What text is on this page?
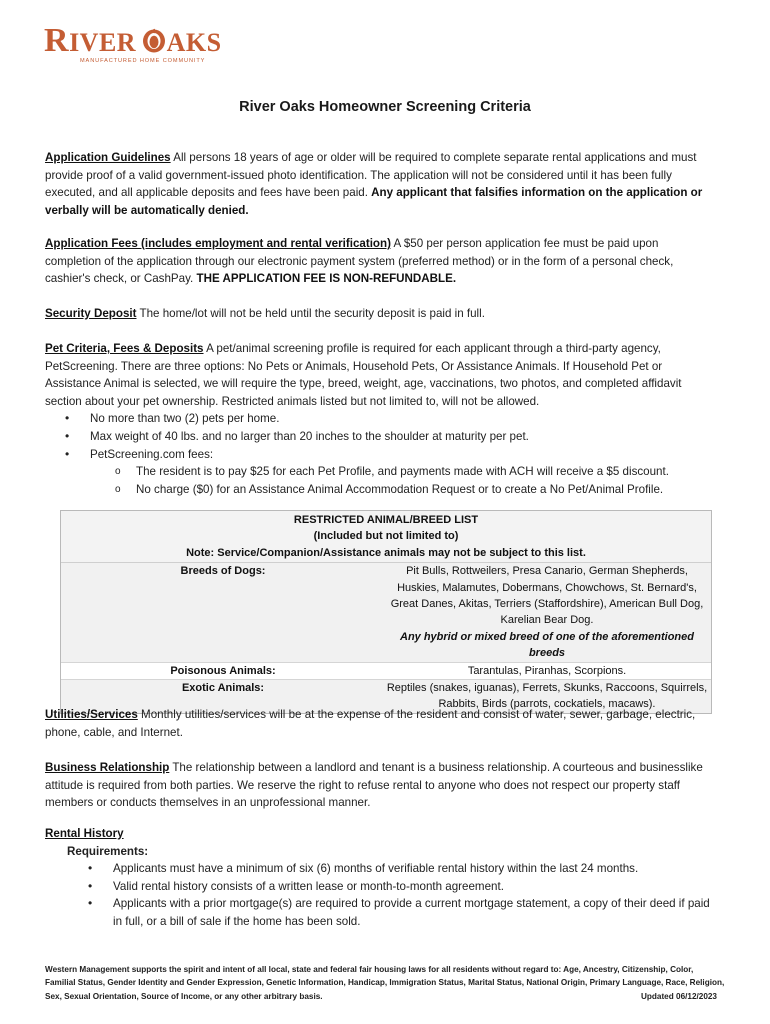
RIVER AKS
MANUFACTURED HOME COMMUNITY
River Oaks Homeowner Screening Criteria
Application Guidelines All persons 18 years of age or older will be required to complete separate rental applications and must provide proof of a valid government-issued photo identification. The application will not be considered until it has been fully executed, and all applicable deposits and fees have been paid. Any applicant that falsifies information on the application or verbally will be automatically denied.
Application Fees (includes employment and rental verification) A $50 per person application fee must be paid upon completion of the application through our electronic payment system (preferred method) or in the form of a personal check, cashier's check, or CashPay. THE APPLICATION FEE IS NON-REFUNDABLE.
Security Deposit The home/lot will not be held until the security deposit is paid in full.
Pet Criteria, Fees & Deposits A pet/animal screening profile is required for each applicant through a third-party agency, PetScreening. There are three options: No Pets or Animals, Household Pets, Or Assistance Animals. If Household Pet or Assistance Animal is selected, we will require the type, breed, weight, age, vaccinations, two photos, and completed affidavit section about your pet ownership. Restricted animals listed but not limited to, will not be allowed.
• No more than two (2) pets per home.
• Max weight of 40 lbs. and no larger than 20 inches to the shoulder at maturity per pet.
• PetScreening.com fees:
o The resident is to pay $25 for each Pet Profile, and payments made with ACH will receive a $5 discount.
o No charge ($0) for an Assistance Animal Accommodation Request or to create a No Pet/Animal Profile.
RESTRICTED ANIMAL/BREED LIST
(Included but not limited to)
Note: Service/Companion/Assistance animals may not be subject to this list.
Breeds of Dogs:	Pit Bulls, Rottweilers, Presa Canario, German Shepherds, Huskies, Malamutes, Dobermans, Chowchows, St. Bernard's, Great Danes, Akitas, Terriers (Staffordshire), American Bull Dog, Karelian Bear Dog.
Any hybrid or mixed breed of one of the aforementioned breeds
Poisonous Animals:	Tarantulas, Piranhas, Scorpions.
Exotic Animals:	Reptiles (snakes, iguanas), Ferrets, Skunks, Raccoons, Squirrels, Rabbits, Birds (parrots, cockatiels, macaws).
Utilities/Services Monthly utilities/services will be at the expense of the resident and consist of water, sewer, garbage, electric, phone, cable, and Internet.
Business Relationship The relationship between a landlord and tenant is a business relationship. A courteous and businesslike attitude is required from both parties. We reserve the right to refuse rental to anyone who does not respect our property staff members or conducts themselves in an unprofessional manner.
Rental History
Requirements:
• Applicants must have a minimum of six (6) months of verifiable rental history within the last 24 months.
• Valid rental history consists of a written lease or month-to-month agreement.
• Applicants with a prior mortgage(s) are required to provide a current mortgage statement, a copy of their deed if paid in full, or a bill of sale if the home has been sold.
Western Management supports the spirit and intent of all local, state and federal fair housing laws for all residents without regard to: Age, Ancestry, Citizenship, Color, Familial Status, Gender Identity and Gender Expression, Genetic Information, Handicap, Immigration Status, Marital Status, National Origin, Primary Language, Race, Religion, Sex, Sexual Orientation, Source of Income, or any other arbitrary basis.	Updated 06/12/2023
